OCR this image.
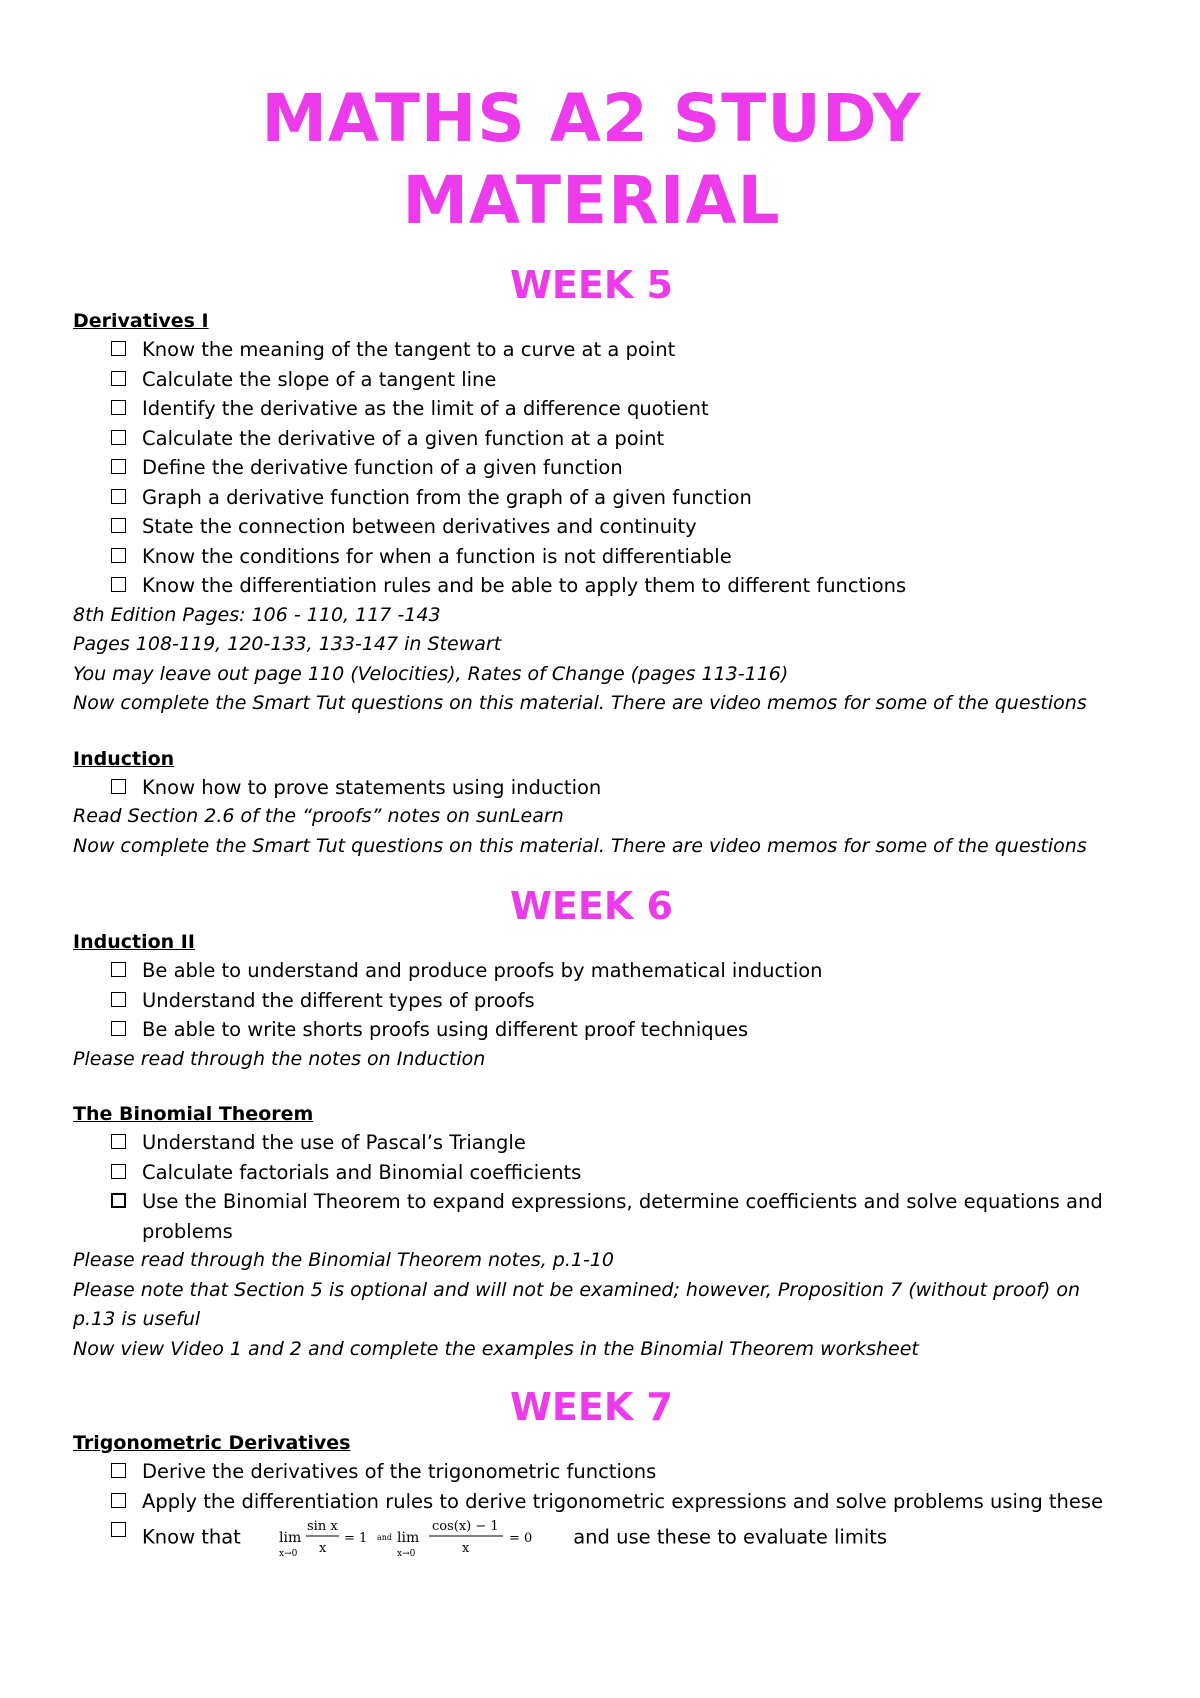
MATHS A2 STUDY MATERIAL
WEEK 5

Derivatives I

Know the meaning of the tangent to a curve at a point
Calculate the slope of a tangent line
Identify the derivative as the limit of a difference quotient
Calculate the derivative of a given function at a point
Define the derivative function of a given function
Graph a derivative function from the graph of a given function
State the connection between derivatives and continuity
Know the conditions for when a function is not differentiable
Know the differentiation rules and be able to apply them to different functions

8th Edition Pages: 106 - 110, 117 -143

Pages 108-119, 120-133, 133-147 in Stewart

You may leave out page 110 (Velocities), Rates of Change (pages 113-116)

Now complete the Smart Tut questions on this material. There are video memos for some of the questions

Induction

Know how to prove statements using induction

Read Section 2.6 of the “proofs” notes on sunLearn

Now complete the Smart Tut questions on this material. There are video memos for some of the questions

WEEK 6

Induction II

Be able to understand and produce proofs by mathematical induction
Understand the different types of proofs
Be able to write shorts proofs using different proof techniques

Please read through the notes on Induction

The Binomial Theorem

Understand the use of Pascal’s Triangle
Calculate factorials and Binomial coefficients
Use the Binomial Theorem to expand expressions, determine coefficients and solve equations and problems

Please read through the Binomial Theorem notes, p.1-10

Please note that Section 5 is optional and will not be examined; however, Proposition 7 (without proof) on p.13 is useful

Now view Video 1 and 2 and complete the examples in the Binomial Theorem worksheet

WEEK 7

Trigonometric Derivatives

Derive the derivatives of the trigonometric functions
Apply the differentiation rules to derive trigonometric expressions and solve problems using these
Know that	lim
x→0
sin x
x
= 1 and lim
x→0
cos(x) − 1
x
= 0 and use these to evaluate limits
